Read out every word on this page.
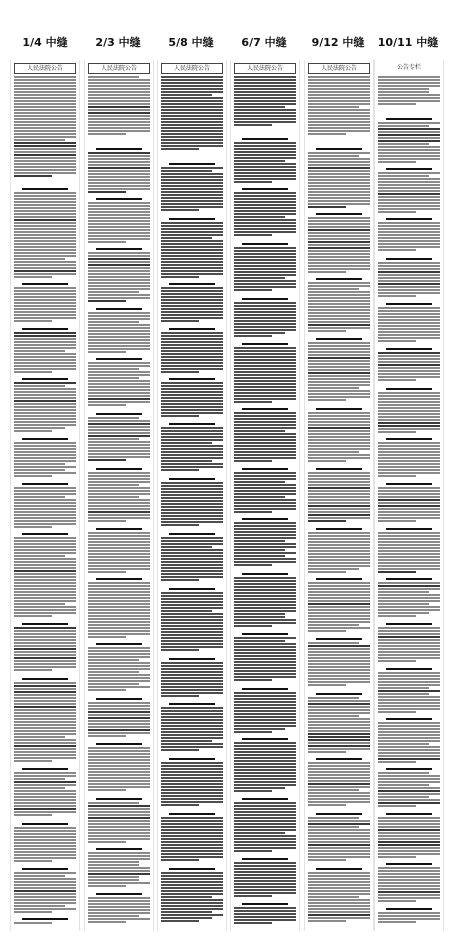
1/4 中缝	2/3 中缝	5/8 中缝	6/7 中缝	9/12 中缝	10/11 中缝
人民法院公告	人民法院公告	人民法院公告	人民法院公告	人民法院公告	公告专栏
